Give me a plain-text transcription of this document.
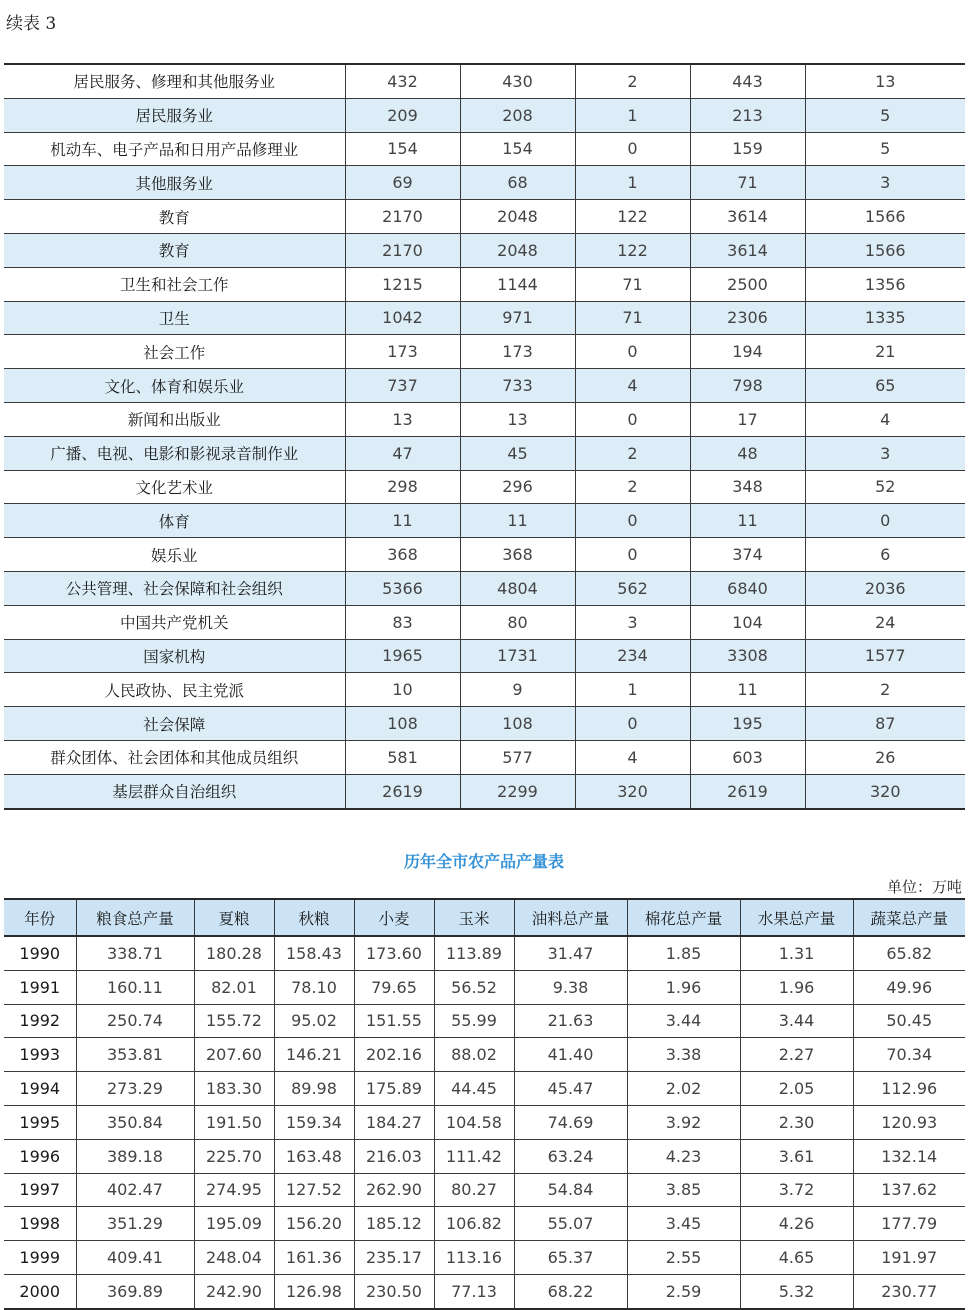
续表 3
居民服务、修理和其他服务业	432	430	2	443	13
居民服务业	209	208	1	213	5
机动车、电子产品和日用产品修理业	154	154	0	159	5
其他服务业	69	68	1	71	3
教育	2170	2048	122	3614	1566
教育	2170	2048	122	3614	1566
卫生和社会工作	1215	1144	71	2500	1356
卫生	1042	971	71	2306	1335
社会工作	173	173	0	194	21
文化、体育和娱乐业	737	733	4	798	65
新闻和出版业	13	13	0	17	4
广播、电视、电影和影视录音制作业	47	45	2	48	3
文化艺术业	298	296	2	348	52
体育	11	11	0	11	0
娱乐业	368	368	0	374	6
公共管理、社会保障和社会组织	5366	4804	562	6840	2036
中国共产党机关	83	80	3	104	24
国家机构	1965	1731	234	3308	1577
人民政协、民主党派	10	9	1	11	2
社会保障	108	108	0	195	87
群众团体、社会团体和其他成员组织	581	577	4	603	26
基层群众自治组织	2619	2299	320	2619	320
历年全市农产品产量表
单位：万吨
年份	粮食总产量	夏粮	秋粮	小麦	玉米	油料总产量	棉花总产量	水果总产量	蔬菜总产量
1990	338.71	180.28	158.43	173.60	113.89	31.47	1.85	1.31	65.82
1991	160.11	82.01	78.10	79.65	56.52	9.38	1.96	1.96	49.96
1992	250.74	155.72	95.02	151.55	55.99	21.63	3.44	3.44	50.45
1993	353.81	207.60	146.21	202.16	88.02	41.40	3.38	2.27	70.34
1994	273.29	183.30	89.98	175.89	44.45	45.47	2.02	2.05	112.96
1995	350.84	191.50	159.34	184.27	104.58	74.69	3.92	2.30	120.93
1996	389.18	225.70	163.48	216.03	111.42	63.24	4.23	3.61	132.14
1997	402.47	274.95	127.52	262.90	80.27	54.84	3.85	3.72	137.62
1998	351.29	195.09	156.20	185.12	106.82	55.07	3.45	4.26	177.79
1999	409.41	248.04	161.36	235.17	113.16	65.37	2.55	4.65	191.97
2000	369.89	242.90	126.98	230.50	77.13	68.22	2.59	5.32	230.77
